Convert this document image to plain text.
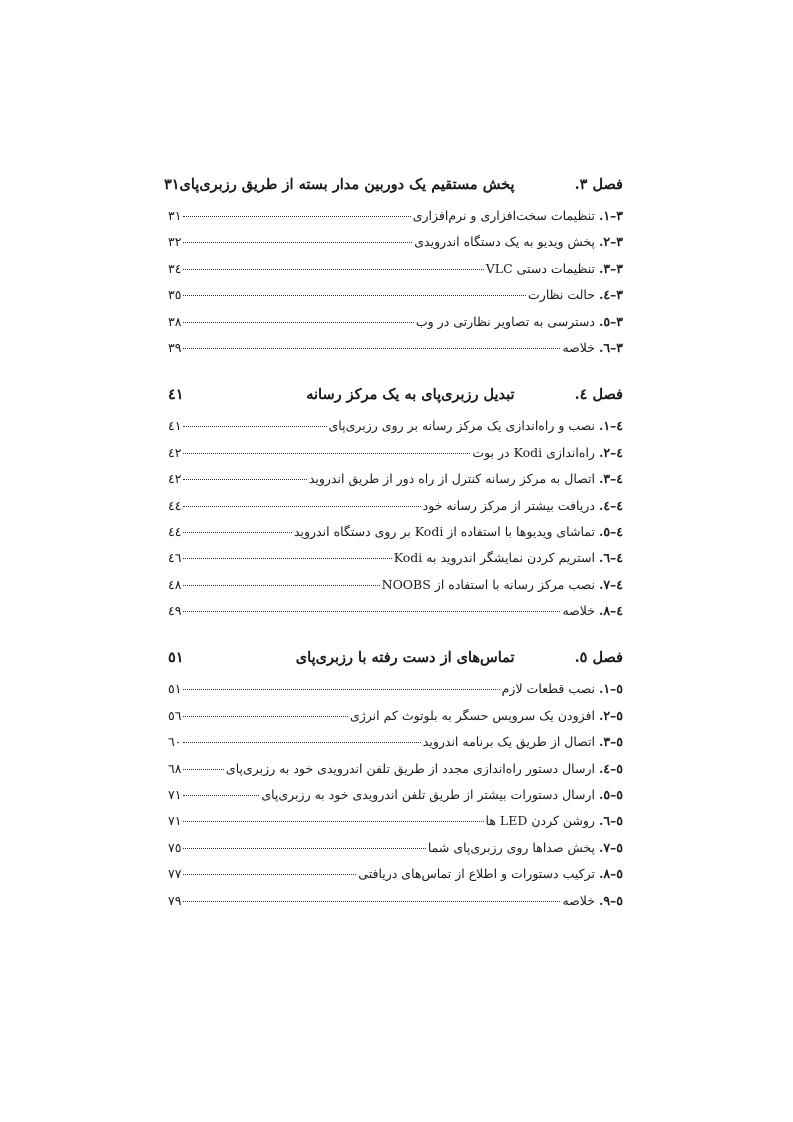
فصل ۳.
پخش مستقیم یک دوربین مدار بسته از طریق رزبری‌پای
۳۱
۳–۱.
تنظیمات سخت‌افزاری و نرم‌افزاری
۳۱
۳–۲.
پخش ویدیو به یک دستگاه اندرویدی
۳۲
۳–۳.
تنظیمات دستی VLC
۳٤
۳–٤.
حالت نظارت
۳٥
۳–٥.
دسترسی به تصاویر نظارتی در وب
۳۸
۳–٦.
خلاصه
۳۹
فصل ٤.
تبدیل رزبری‌پای به یک مرکز رسانه
٤۱
٤–۱.
نصب و راه‌اندازی یک مرکز رسانه بر روی رزبری‌پای
٤۱
٤–۲.
راه‌اندازی Kodi در بوت
٤۲
٤–۳.
اتصال به مرکز رسانه کنترل از راه دور از طریق اندروید
٤۲
٤–٤.
دریافت بیشتر از مرکز رسانه خود
٤٤
٤–٥.
تماشای ویدیوها با استفاده از Kodi بر روی دستگاه اندروید
٤٤
٤–٦.
استریم کردن نمایشگر اندروید به Kodi
٤٦
٤–۷.
نصب مرکز رسانه با استفاده از NOOBS
٤۸
٤–۸.
خلاصه
٤۹
فصل ٥.
تماس‌های از دست رفته با رزبری‌پای
٥۱
٥–۱.
نصب قطعات لازم
٥۱
٥–۲.
افزودن یک سرویس حسگر به بلوتوث کم انرژی
٥٦
٥–۳.
اتصال از طریق یک برنامه اندروید
٦۰
٥–٤.
ارسال دستور راه‌اندازی مجدد از طریق تلفن اندرویدی خود به رزبری‌پای
٦۸
٥–٥.
ارسال دستورات بیشتر از طریق تلفن اندرویدی خود به رزبری‌پای
۷۱
٥–٦.
روشن کردن LED ها
۷۱
٥–۷.
پخش صداها روی رزبری‌پای شما
۷٥
٥–۸.
ترکیب دستورات و اطلاع از تماس‌های دریافتی
۷۷
٥–۹.
خلاصه
۷۹
